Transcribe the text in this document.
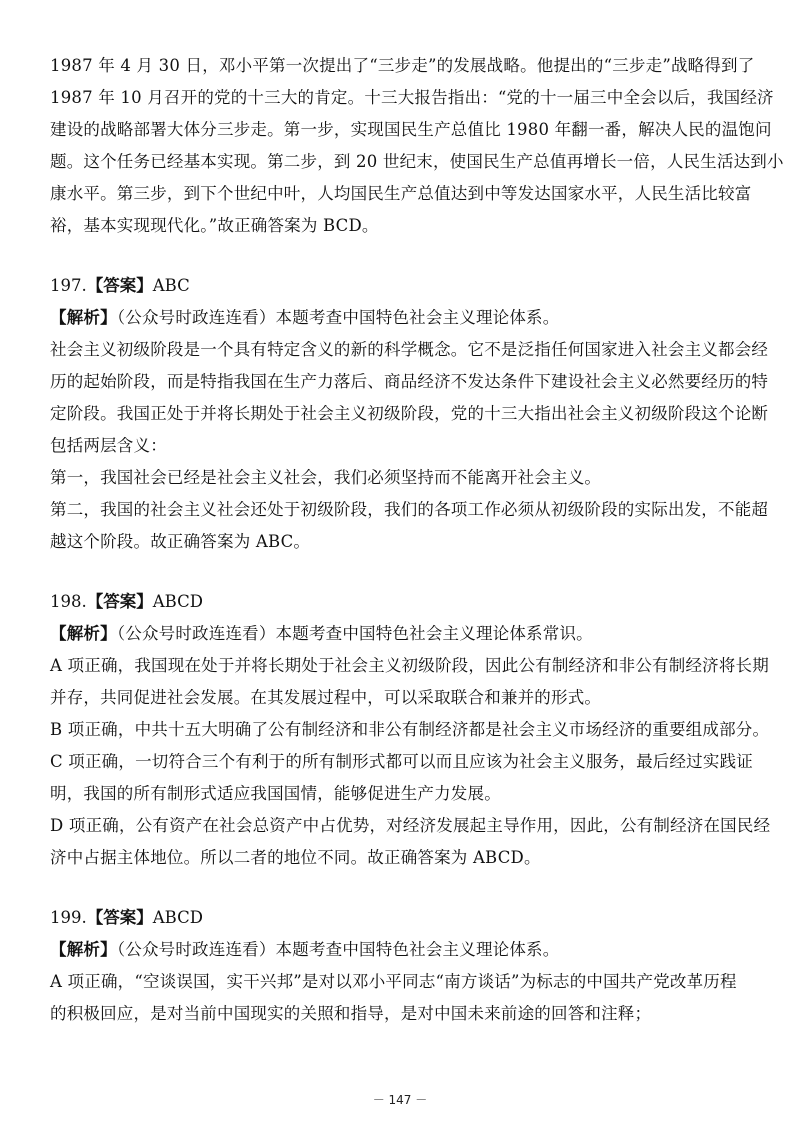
1987 年 4 月 30 日，邓小平第一次提出了“三步走”的发展战略。他提出的“三步走”战略得到了
1987 年 10 月召开的党的十三大的肯定。十三大报告指出：“党的十一届三中全会以后，我国经济
建设的战略部署大体分三步走。第一步，实现国民生产总值比 1980 年翻一番，解决人民的温饱问
题。这个任务已经基本实现。第二步，到 20 世纪末，使国民生产总值再增长一倍，人民生活达到小
康水平。第三步，到下个世纪中叶，人均国民生产总值达到中等发达国家水平，人民生活比较富
裕，基本实现现代化。”故正确答案为 BCD。
197.【答案】ABC
【解析】（公众号时政连连看）本题考查中国特色社会主义理论体系。
社会主义初级阶段是一个具有特定含义的新的科学概念。它不是泛指任何国家进入社会主义都会经
历的起始阶段，而是特指我国在生产力落后、商品经济不发达条件下建设社会主义必然要经历的特
定阶段。我国正处于并将长期处于社会主义初级阶段，党的十三大指出社会主义初级阶段这个论断
包括两层含义：
第一，我国社会已经是社会主义社会，我们必须坚持而不能离开社会主义。
第二，我国的社会主义社会还处于初级阶段，我们的各项工作必须从初级阶段的实际出发，不能超
越这个阶段。故正确答案为 ABC。
198.【答案】ABCD
【解析】（公众号时政连连看）本题考查中国特色社会主义理论体系常识。
A 项正确，我国现在处于并将长期处于社会主义初级阶段，因此公有制经济和非公有制经济将长期
并存，共同促进社会发展。在其发展过程中，可以采取联合和兼并的形式。
B 项正确，中共十五大明确了公有制经济和非公有制经济都是社会主义市场经济的重要组成部分。
C 项正确，一切符合三个有利于的所有制形式都可以而且应该为社会主义服务，最后经过实践证
明，我国的所有制形式适应我国国情，能够促进生产力发展。
D 项正确，公有资产在社会总资产中占优势，对经济发展起主导作用，因此，公有制经济在国民经
济中占据主体地位。所以二者的地位不同。故正确答案为 ABCD。
199.【答案】ABCD
【解析】（公众号时政连连看）本题考查中国特色社会主义理论体系。
A 项正确，“空谈误国，实干兴邦”是对以邓小平同志“南方谈话”为标志的中国共产党改革历程
的积极回应，是对当前中国现实的关照和指导，是对中国未来前途的回答和注释；
－ 147 －
